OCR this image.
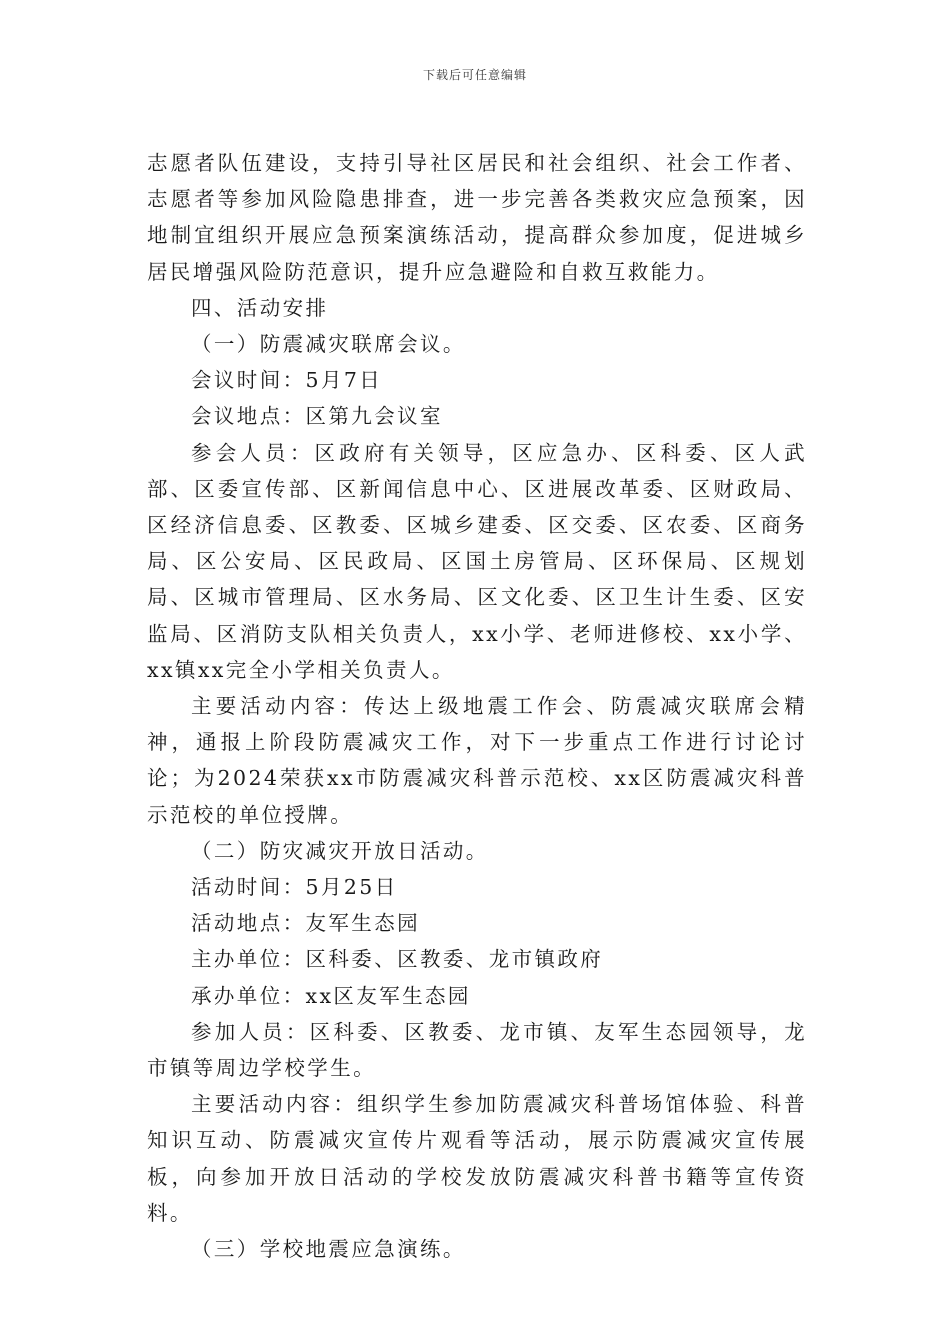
下载后可任意编辑

志愿者队伍建设，支持引导社区居民和社会组织、社会工作者、志愿者等参加风险隐患排查，进一步完善各类救灾应急预案，因地制宜组织开展应急预案演练活动，提高群众参加度，促进城乡居民增强风险防范意识，提升应急避险和自救互救能力。

四、活动安排

（一）防震减灾联席会议。

会议时间：5月7日

会议地点：区第九会议室

参会人员：区政府有关领导，区应急办、区科委、区人武部、区委宣传部、区新闻信息中心、区进展改革委、区财政局、区经济信息委、区教委、区城乡建委、区交委、区农委、区商务局、区公安局、区民政局、区国土房管局、区环保局、区规划局、区城市管理局、区水务局、区文化委、区卫生计生委、区安监局、区消防支队相关负责人，xx小学、老师进修校、xx小学、xx镇xx完全小学相关负责人。

主要活动内容：传达上级地震工作会、防震减灾联席会精神，通报上阶段防震减灾工作，对下一步重点工作进行讨论讨论；为2024荣获xx市防震减灾科普示范校、xx区防震减灾科普示范校的单位授牌。

（二）防灾减灾开放日活动。

活动时间：5月25日

活动地点：友军生态园

主办单位：区科委、区教委、龙市镇政府

承办单位：xx区友军生态园

参加人员：区科委、区教委、龙市镇、友军生态园领导，龙市镇等周边学校学生。

主要活动内容：组织学生参加防震减灾科普场馆体验、科普知识互动、防震减灾宣传片观看等活动，展示防震减灾宣传展板，向参加开放日活动的学校发放防震减灾科普书籍等宣传资料。

（三）学校地震应急演练。
